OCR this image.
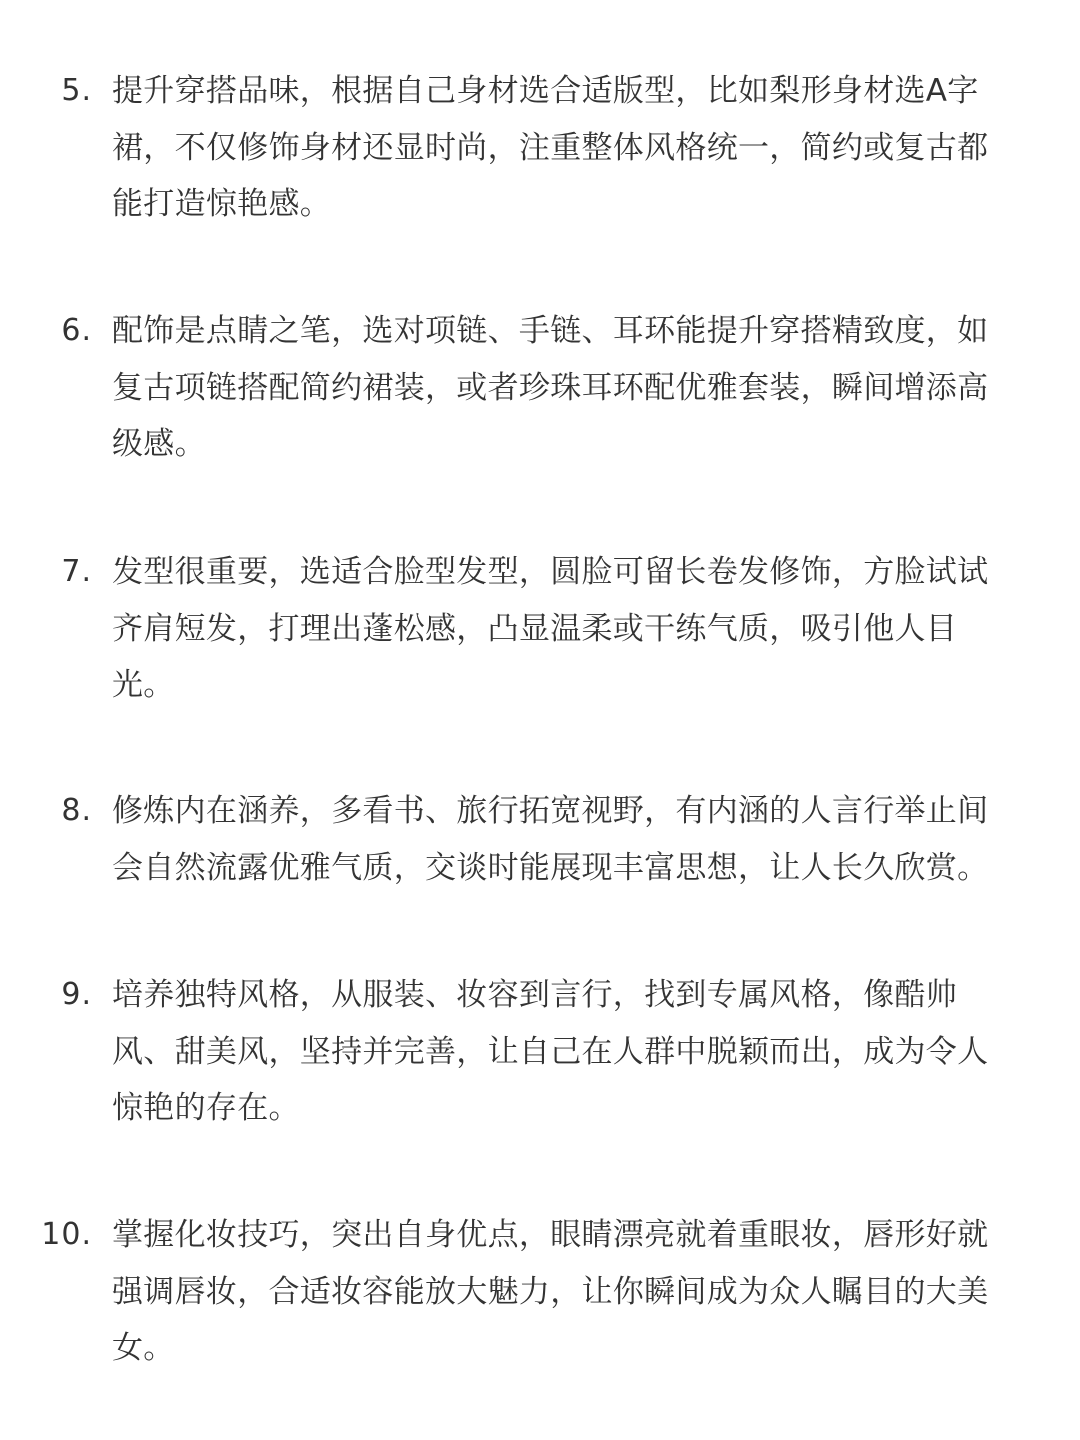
5. 提升穿搭品味，根据自己身材选合适版型，比如梨形身材选A字裙，不仅修饰身材还显时尚，注重整体风格统一，简约或复古都能打造惊艳感。

6. 配饰是点睛之笔，选对项链、手链、耳环能提升穿搭精致度，如复古项链搭配简约裙装，或者珍珠耳环配优雅套装，瞬间增添高级感。

7. 发型很重要，选适合脸型发型，圆脸可留长卷发修饰，方脸试试齐肩短发，打理出蓬松感，凸显温柔或干练气质，吸引他人目光。

8. 修炼内在涵养，多看书、旅行拓宽视野，有内涵的人言行举止间会自然流露优雅气质，交谈时能展现丰富思想，让人长久欣赏。

9. 培养独特风格，从服装、妆容到言行，找到专属风格，像酷帅风、甜美风，坚持并完善，让自己在人群中脱颖而出，成为令人惊艳的存在。

10. 掌握化妆技巧，突出自身优点，眼睛漂亮就着重眼妆，唇形好就强调唇妆，合适妆容能放大魅力，让你瞬间成为众人瞩目的大美女。
